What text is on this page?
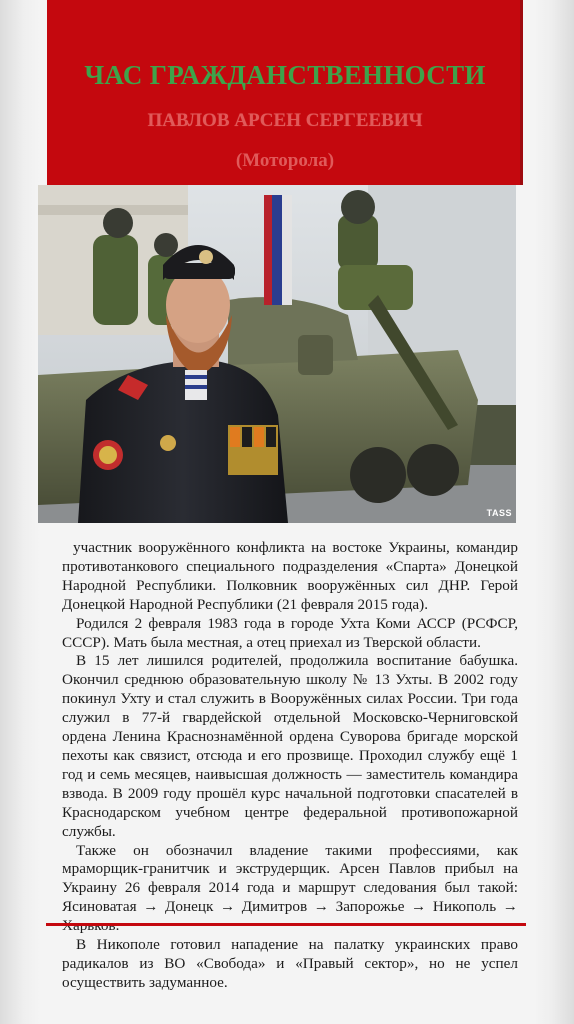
ЧАС ГРАЖДАНСТВЕННОСТИ
ПАВЛОВ АРСЕН СЕРГЕЕВИЧ
(Моторола)
TASS

участник вооружённого конфликта на востоке Украины, командир противотанкового специального подразделения «Спарта» Донецкой Народной Республики. Полковник вооружённых сил ДНР. Герой Донецкой Народной Республики (21 февраля 2015 года).

Родился 2 февраля 1983 года в городе Ухта Коми АССР (РСФСР, СССР). Мать была местная, а отец приехал из Тверской области.

В 15 лет лишился родителей, продолжила воспитание бабушка. Окончил среднюю образовательную школу № 13 Ухты. В 2002 году покинул Ухту и стал служить в Вооружённых силах России. Три года служил в 77-й гвардейской отдельной Московско-Черниговской ордена Ленина Краснознамённой ордена Суворова бригаде морской пехоты как связист, отсюда и его прозвище. Проходил службу ещё 1 год и семь месяцев, наивысшая должность — заместитель командира взвода. В 2009 году прошёл курс начальной подготовки спасателей в Краснодарском учебном центре федеральной противопожарной службы.

Также он обозначил владение такими профессиями, как мраморщик-гранитчик и экструдерщик. Арсен Павлов прибыл на Украину 26 февраля 2014 года и маршрут следования был такой: Ясиноватая → Донецк → Димитров → Запорожье → Никополь →

В Никополе готовил нападение на палатку украинских право радикалов из ВО «Свобода» и «Правый сектор», но не успел осуществить задуманное.
